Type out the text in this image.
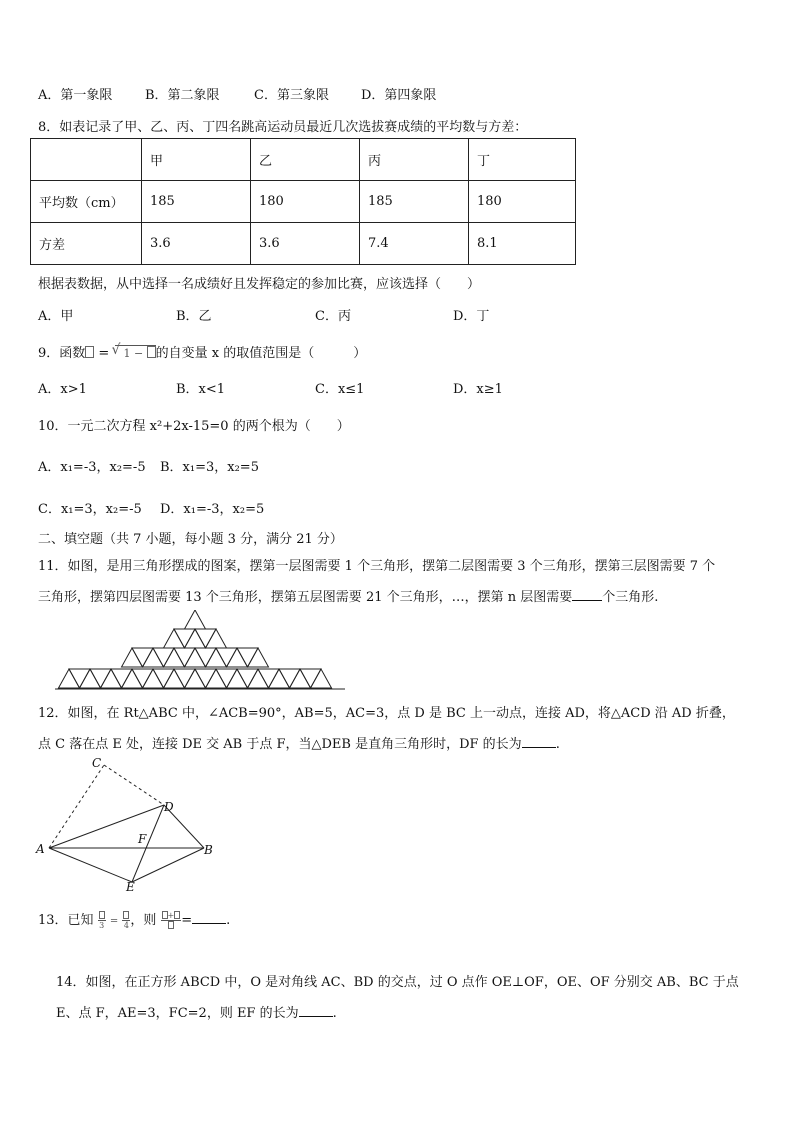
A．第一象限	B．第二象限	C．第三象限 D．第四象限
8．如表记录了甲、乙、丙、丁四名跳高运动员最近几次选拔赛成绩的平均数与方差：
	甲	乙	丙	丁
平均数（cm）	185	180	185	180
方差	3.6	3.6	7.4	8.1
根据表数据，从中选择一名成绩好且发挥稳定的参加比赛，应该选择（　　）
A．甲	B．乙	C．丙	D．丁
9．函数 = √ 1 − 的自变量 x 的取值范围是（　　　）
A．x>1	B．x<1	C．x≤1	D．x≥1
10．一元二次方程 x²+2x-15=0 的两个根为（　　）
A．x₁=-3，x₂=-5 B．x₁=3，x₂=5
C．x₁=3，x₂=-5 D．x₁=-3，x₂=5
二、填空题（共 7 小题，每小题 3 分，满分 21 分）
11．如图，是用三角形摆成的图案，摆第一层图需要 1 个三角形，摆第二层图需要 3 个三角形，摆第三层图需要 7 个
三角形，摆第四层图需要 13 个三角形，摆第五层图需要 21 个三角形，…，摆第 n 层图需要 个三角形.
12．如图，在 Rt△ABC 中，∠ACB=90°，AB=5，AC=3，点 D 是 BC 上一动点，连接 AD，将△ACD 沿 AD 折叠，
点 C 落在点 E 处，连接 DE 交 AB 于点 F，当△DEB 是直角三角形时，DF 的长为	.
C
D
F
A	B
E
13．已知 3 = 4 ，则	+ =	.
14．如图，在正方形 ABCD 中，O 是对角线 AC、BD 的交点，过 O 点作 OE⊥OF，OE、OF 分别交 AB、BC 于点
E、点 F，AE=3，FC=2，则 EF 的长为	.
